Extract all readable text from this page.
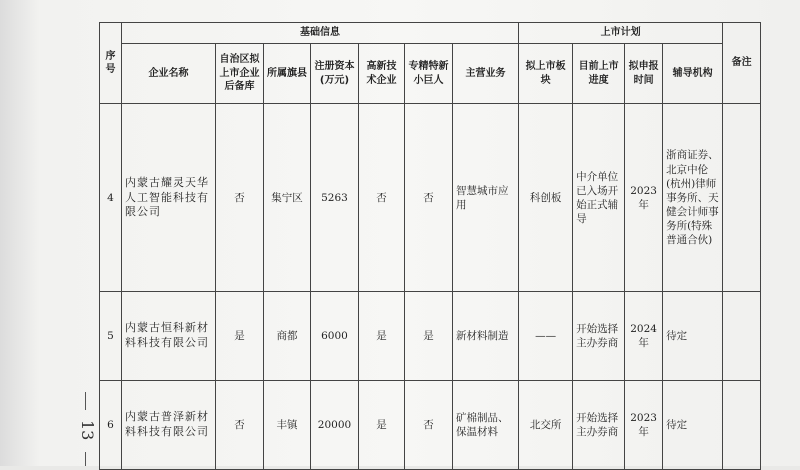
序号	基础信息							上市计划				备注
	企业名称	自治区拟上市企业后备库	所属旗县	注册资本(万元)	高新技术企业	专精特新小巨人	主营业务	拟上市板块	目前上市进度	拟申报时间	辅导机构	
4	内蒙古耀灵天华人工智能科技有限公司	否	集宁区	5263	否	否	智慧城市应用	科创板	中介单位已入场开始正式辅导	2023年	浙商证券、北京中伦(杭州)律师事务所、天健会计师事务所(特殊普通合伙)	
5	内蒙古恒科新材料科技有限公司	是	商都	6000	是	是	新材料制造	——	开始选择主办券商	2024年	待定	
6	内蒙古普泽新材料科技有限公司	否	丰镇	20000	是	否	矿棉制品、保温材料	北交所	开始选择主办券商	2023年	待定	
13
